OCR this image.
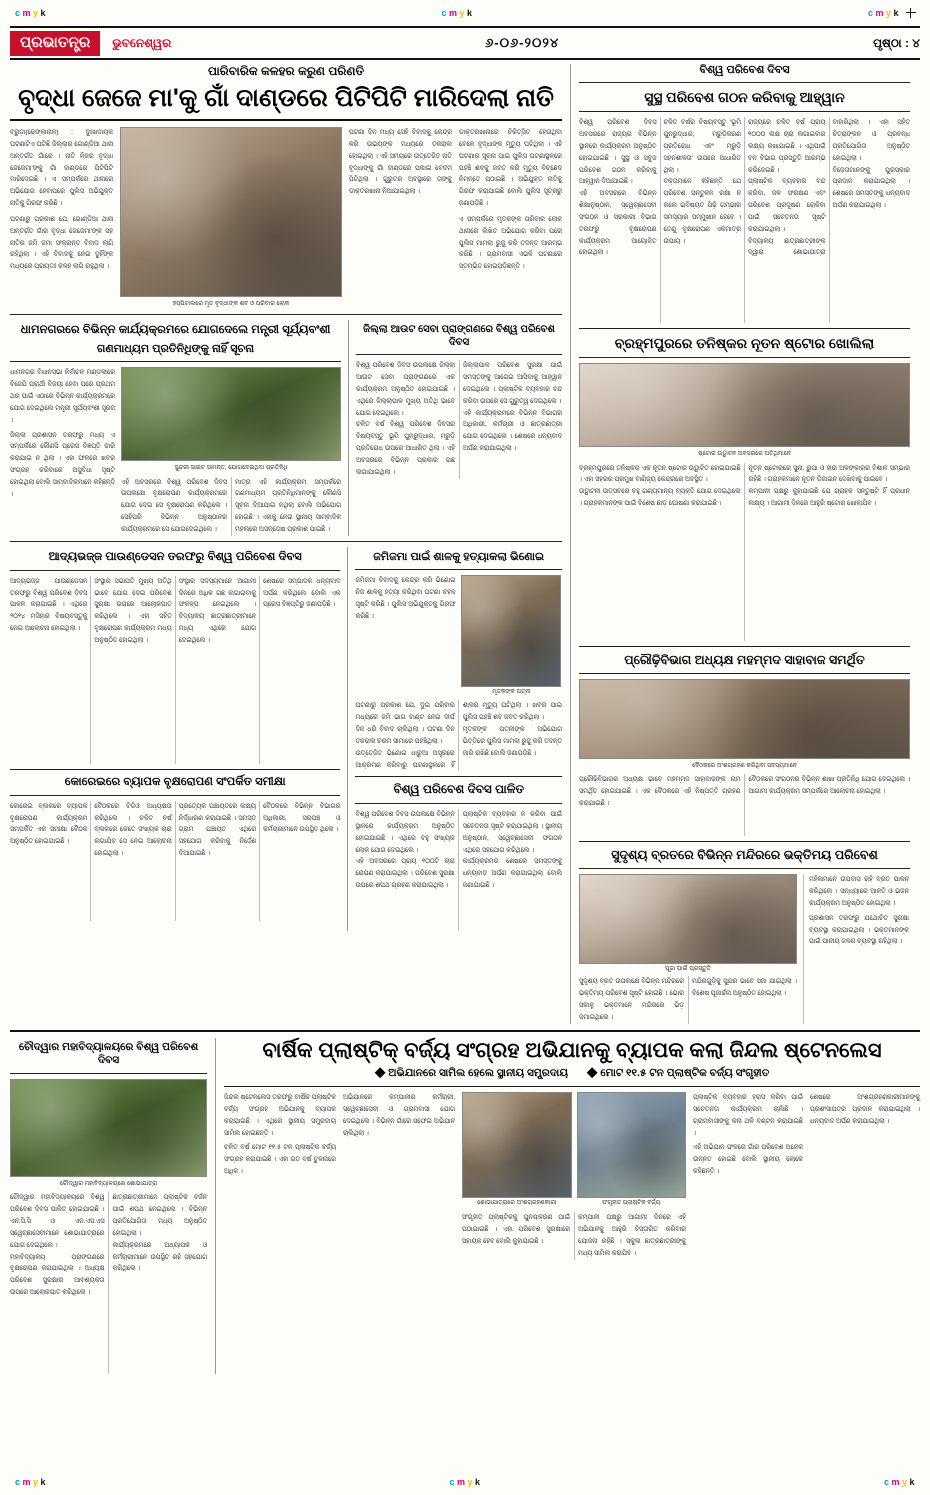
c m y k	c m y k	c m y k
ପ୍ରଭାତନ୍ତ୍ର	ଭୁବନେଶ୍ୱର	୬-୦୬-୨୦୨୪	ପୃଷ୍ଠା : ୪
ପାରିବାରିକ କଳହର କରୁଣ ପରିଣତି
ବୃଦ୍ଧା ଜେଜେ ମା'କୁ ଗାଁ ଦାଣ୍ଡରେ ପିଟିପିଟି ମାରିଦେଲା ନାତି
ବରୁଡ଼ା(ଢେଙ୍କାନାଳ) : ଦୁଃଖଦାୟକ ଘଟଣାଟିଏ ଘଟିଛି ଜିଲ୍ଲାର ଗୋଣ୍ଡିଆ ଥାନା ଅନ୍ତର୍ଗତ ଗାଁରେ । ନାତି ନିଜର ବୃଦ୍ଧା ଜେଜେମା'ଙ୍କୁ ଗାଁ ଦାଣ୍ଡରେ ପିଟିପିଟି ମାରିଦେଇଛି । ଏ ସମ୍ପର୍କରେ ଥାନାରେ ଅଭିଯୋଗ ହେବାପରେ ପୁଲିସ ଅଭିଯୁକ୍ତ ନାତିକୁ ଗିରଫ କରିଛି ।
ଘଟଣାରୁ ପ୍ରକାଶ ଯେ, ଗୋଣ୍ଡିଆ ଥାନା ଅନ୍ତର୍ଗତ ଗାଁର ବୃଦ୍ଧା ଜେଜେମା'ଙ୍କ ସହ ନାତିର ଜମି ଜମା ସଂକ୍ରାନ୍ତ ବିବାଦ ଲାଗି ରହିଥିଲା । ଏହି ବିବାଦକୁ ନେଇ ଦୁହିଁଙ୍କ ମଧ୍ୟରେ ପ୍ରାୟତଃ କଳହ ଲାଗି ରହୁଥିଲା ।
ହସ୍ପିଟାଲରେ ମୃତ ବୃଦ୍ଧାଙ୍କ ଶବ ଓ ପରିବାର ଲୋକ
ଘଟଣା ଦିନ ମଧ୍ୟ ସେହି ବିବାଦକୁ କେନ୍ଦ୍ର କରି ଉଭୟଙ୍କ ମଧ୍ୟରେ ତକରାଲ ହୋଇଥିଲା । ଏହି ସମୟରେ ଉତ୍ତେଜିତ ନାତି ବୃଦ୍ଧାଙ୍କୁ ଗାଁ ଦାଣ୍ଡରେ ପକାଇ ବେଦମ ପିଟିଥିଲା । ଗୁରୁତର ଅବସ୍ଥାରେ ତାଙ୍କୁ ଡାକ୍ତରଖାନା ନିଆଯାଇଥିଲା ।
ଡାକ୍ତରଖାନାରେ ଚିକିତ୍ସିତ ହେଉଥିବା ବେଳେ ବୃଦ୍ଧାଙ୍କ ମୃତ୍ୟୁ ଘଟିଥିଲା । ଏହି ଘଟଣାର ସୂଚନା ପାଇ ପୁଲିସ ଘଟଣାସ୍ଥଳରେ ପହଞ୍ଚି ଶବକୁ ଜବତ କରି ମୃତ୍ୟୁ ବିଚ୍ଛେଦ ନିମନ୍ତେ ପଠାଇଛି । ଅଭିଯୁକ୍ତ ନାତିକୁ ଗିରଫ କରାଯାଇଛି ବୋଲି ପୁଲିସ ସୂତ୍ରରୁ ଜଣାପଡ଼ିଛି ।
ଏ ସମ୍ପର୍କରେ ମୃତକଙ୍କ ପରିବାର ଲୋକ ଥାନାରେ ଲିଖିତ ଅଭିଯୋଗ କରିବା ପରେ ପୁଲିସ ମାମଲା ରୁଜୁ କରି ତଦନ୍ତ ଆରମ୍ଭ କରିଛି । ଗ୍ରାମବାସୀ ଏଭଳି ଘଟଣାରେ ସ୍ତମ୍ଭିତ ହୋଇପଡ଼ିଛନ୍ତି ।
ଧାମନଗରରେ ବିଭିନ୍ନ କାର୍ଯ୍ୟକ୍ରମରେ ଯୋଗଦେଲେ ମନ୍ତ୍ରୀ ସୂର୍ଯ୍ୟବଂଶୀ
ଗଣମାଧ୍ୟମ ପ୍ରତିନିଧିଙ୍କୁ ନାହିଁ ସୂଚନା
ଧାମନଗର ବିଧାନସଭା ନିର୍ବାଚନ ମଣ୍ଡଳୀରେ ବିଜେପି ପ୍ରାର୍ଥୀ ବିଜୟୀ ହେବା ପରେ ପ୍ରଥମ ଥର ପାଇଁ ଏଠାରେ ବିଭିନ୍ନ କାର୍ଯ୍ୟକ୍ରମରେ ଯୋଗ ଦେଇଥିଲେ ମନ୍ତ୍ରୀ ସୂର୍ଯ୍ୟବଂଶୀ ସୂରଜ ।
ଜିଲ୍ଲା ପ୍ରଶାସନ ତରଫରୁ ମଧ୍ୟ ଏ ସମ୍ପର୍କରେ କୌଣସି ପ୍ରେସ ବିଜ୍ଞପ୍ତି ଜାରି କରାଯାଇ ନ ଥିଲା । ଏହା ଫଳରେ ଖବର ସଂଗ୍ରହ କରିବାରେ ଅସୁବିଧା ସୃଷ୍ଟି ହୋଇଥିଲା ବୋଲି ସାମ୍ବାଦିକମାନେ କହିଛନ୍ତି ।
ସୁନ୍ଦରୀ ସାଇଟ ସାମନ୍ତ, ଯୋଗଦେଇଥିବା ପ୍ରତିନିଧି
ଏହି ଅବସରରେ ବିଶ୍ୱ ପରିବେଶ ଦିବସ ଉପଲକ୍ଷେ ବୃକ୍ଷରୋପଣ କାର୍ଯ୍ୟକ୍ରମରେ ଯୋଗ ଦେଇ ସେ ବୃକ୍ଷରୋପଣ କରିଥିଲେ । ସେହିପରି ବିଭିନ୍ନ ଅନୁଷ୍ଠାନର କାର୍ଯ୍ୟକ୍ରମରେ ସେ ଯୋଗଦେଇଥିଲେ ।
ମାତ୍ର ଏହି କାର୍ଯ୍ୟକ୍ରମ ସମ୍ପର୍କରେ ଗଣମାଧ୍ୟମ ପ୍ରତିନିଧିମାନଙ୍କୁ କୌଣସି ସୂଚନା ଦିଆଯାଇ ନଥିଲା ବୋଲି ଅଭିଯୋଗ ହୋଇଛି । ଏହାକୁ ନେଇ ସ୍ଥାନୀୟ ସାମ୍ବାଦିକ ମହଲରେ ଅସନ୍ତୋଷ ପ୍ରକାଶ ପାଇଛି ।
ଜିଲ୍ଲା ଆଉଟ ସେବା ପ୍ରାଙ୍ଗଣରେ ବିଶ୍ୱ ପରିବେଶ ଦିବସ
ବିଶ୍ୱ ପରିବେଶ ଦିବସ ଉପଲକ୍ଷେ ଜିଲ୍ଲା ଆଉଟ ସେବା ପ୍ରାଙ୍ଗଣରେ ଏକ କାର୍ଯ୍ୟକ୍ରମ ଅନୁଷ୍ଠିତ ହୋଇଯାଇଛି । ଏଥିରେ ଜିଲ୍ଲାପାଳ ମୁଖ୍ୟ ଅତିଥି ଭାବେ ଯୋଗ ଦେଇଥିଲେ ।
ଚଳିତ ବର୍ଷ ବିଶ୍ୱ ପରିବେଶ ଦିବସର ବିଷୟବସ୍ତୁ ଭୂମି ପୁନରୁଦ୍ଧାର, ମରୁଡ଼ି ପ୍ରତିରୋଧ ଉପରେ ଆଧାରିତ ଥିଲା । ଏହି ଅବସରରେ ବିଭିନ୍ନ ପ୍ରକାର ଗଛ ଲଗାଯାଇଥିଲା ।
ଜିଲ୍ଲାପାଳ ପରିବେଶ ସୁରକ୍ଷା ପାଇଁ ସମସ୍ତଙ୍କୁ ଆଗେଇ ଆସିବାକୁ ଆହ୍ୱାନ ଦେଇଥିଲେ । ପ୍ଲାଷ୍ଟିକ ବ୍ୟବହାର ବନ୍ଦ କରିବା ଉପରେ ସେ ଗୁରୁତ୍ୱ ଦେଇଥିଲେ ।
ଏହି କାର୍ଯ୍ୟକ୍ରମରେ ବିଭିନ୍ନ ବିଭାଗର ଅଧିକାରୀ, କର୍ମଚାରୀ ଓ ଛାତ୍ରଛାତ୍ରୀ ଯୋଗ ଦେଇଥିଲେ । ଶେଷରେ ଧନ୍ୟବାଦ ଅର୍ପଣ କରାଯାଇଥିଲା ।
ଆଦ୍ୟଭଜ୍ଜ ପାଉଣ୍ଡେସନ ତରଫରୁ ବିଶ୍ୱ ପରିବେଶ ଦିବସ
ଆଦ୍ୟଭଜ୍ଜ ପାଉଣ୍ଡେସନ ତରଫରୁ ବିଶ୍ୱ ପରିବେଶ ଦିବସ ପାଳନ କରାଯାଇଛି । ଏଥିରେ ୨୦୨୪ ମସିହାର ବିଷୟବସ୍ତୁକୁ ନେଇ ଆଲୋଚନା ହୋଇଥିଲା ।
ସଂସ୍ଥାର ସଭାପତି ମୁଖ୍ୟ ଅତିଥି ଭାବେ ଯୋଗ ଦେଇ ପରିବେଶ ସୁରକ୍ଷା ଉପରେ ଆଲୋକପାତ କରିଥିଲେ । ଏହା ସହିତ ବୃକ୍ଷରୋପଣ କାର୍ଯ୍ୟକ୍ରମ ମଧ୍ୟ ଅନୁଷ୍ଠିତ ହୋଇଥିଲା ।
ସଂସ୍ଥାର ସଦସ୍ୟମାନେ ଆଗାମୀ ଦିନରେ ଅଧିକ ଗଛ ଲଗାଇବାକୁ ସଂକଳ୍ପ ନେଇଥିଲେ । ବିଦ୍ୟାଳୟ ଛାତ୍ରଛାତ୍ରୀମାନେ ମଧ୍ୟ ଏଥିରେ ଯୋଗ ଦେଇଥିଲେ ।
ଶେଷରେ ସମ୍ପାଦକ ଧନ୍ୟବାଦ ଅର୍ପଣ କରିଥିଲେ ବୋଲି ଏକ ପ୍ରେସ ବିଜ୍ଞପ୍ତିରୁ ଜଣାପଡ଼ିଛି ।
କୋରେଇରେ ବ୍ୟାପକ ବୃକ୍ଷରୋପଣ ସଂପର୍କିତ ସମୀକ୍ଷା
କୋରେଇ ବ୍ଲକରେ ବ୍ୟାପକ ବୃକ୍ଷରୋପଣ କାର୍ଯ୍ୟକ୍ରମ ସମ୍ପର୍କିତ ଏକ ସମୀକ୍ଷା ବୈଠକ ଅନୁଷ୍ଠିତ ହୋଇଯାଇଛି ।
ବୈଠକରେ ବିଡିଓ ଅଧ୍ୟକ୍ଷତା କରିଥିଲେ । ଚଳିତ ବର୍ଷ ବ୍ଲକରେ କେତେ ସଂଖ୍ୟକ ଚାରା ଲଗାଯିବ ସେ ନେଇ ଆଲୋଚନା ହୋଇଥିଲା ।
ପ୍ରତ୍ୟେକ ପଞ୍ଚାୟତରେ ଲକ୍ଷ୍ୟ ନିର୍ଦ୍ଧାରଣ କରାଯାଇଛି । ସମସ୍ତ ଗ୍ରାମ ପଞ୍ଚାୟତ ଏଥିରେ ସହଯୋଗ କରିବାକୁ ନିର୍ଦ୍ଦେଶ ଦିଆଯାଇଛି ।
ବୈଠକରେ ବିଭିନ୍ନ ବିଭାଗର ଅଧିକାରୀ, ସରପଞ୍ଚ ଓ କର୍ମଚାରୀମାନେ ଉପସ୍ଥିତ ଥିଲେ ।
ଜମିଜମା ପାଇଁ ଶାଳକୁ ହତ୍ୟାକଲା ଭିଣୋଇ
ଜମିଜମା ବିବାଦକୁ କେନ୍ଦ୍ର କରି ଭିଣୋଇ ନିଜ ଶାଳକୁ ହତ୍ୟା କରିଥିବା ଘଟଣା ଚହଳ ସୃଷ୍ଟି କରିଛି । ପୁଲିସ ଅଭିଯୁକ୍ତକୁ ଗିରଫ କରିଛି ।
ମୃତକଙ୍କ ପତ୍ନୀ
ଘଟଣାରୁ ପ୍ରକାଶ ଯେ, ଦୁଇ ପରିବାର ମଧ୍ୟରେ ଜମି ଭାଗ ବାଣ୍ଟ ନେଇ ଦୀର୍ଘ ଦିନ ଧରି ବିବାଦ ଚାଲିଥିଲା । ଘଟଣା ଦିନ ତକରାଲ ଚରମ ସୀମାରେ ପହଞ୍ଚିଥିଲା ।
ଉତ୍ତେଜିତ ଭିଣୋଇ ଧାରୁଆ ଅସ୍ତ୍ରରେ ଆକ୍ରମଣ କରିବାରୁ ଘଟଣାସ୍ଥଳରେ ହିଁ ଶାଳର ମୃତ୍ୟୁ ଘଟିଥିଲା । ଖବର ପାଇ ପୁଲିସ ପହଞ୍ଚି ଶବ ଜବତ କରିଥିଲା ।
ମୃତକଙ୍କ ପତ୍ନୀଙ୍କ ଅଭିଯୋଗ ଭିତ୍ତିରେ ପୁଲିସ ମାମଲା ରୁଜୁ କରି ତଦନ୍ତ ଜାରି ରଖିଛି ବୋଲି ଜଣାପଡ଼ିଛି ।
ବିଶ୍ୱ ପରିବେଶ ଦିବସ ପାଳିତ
ବିଶ୍ୱ ପରିବେଶ ଦିବସ ଉପଲକ୍ଷେ ବିଭିନ୍ନ ସ୍ଥାନରେ କାର୍ଯ୍ୟକ୍ରମ ଅନୁଷ୍ଠିତ ହୋଇଯାଇଛି । ଏଥିରେ ବହୁ ସଂଖ୍ୟକ ଲୋକ ଯୋଗ ଦେଇଥିଲେ ।
ଏହି ଅବସରରେ ପ୍ରାୟ ୧୦୦ଟି ଚାରା ରୋପଣ କରାଯାଇଥିଲା । ପରିବେଶ ସୁରକ୍ଷା ଉପରେ ଶପଥ ଗ୍ରହଣ କରାଯାଇଥିଲା ।
ପ୍ଲାଷ୍ଟିକ ବ୍ୟବହାର ନ କରିବା ପାଇଁ ସଚେତନତା ସୃଷ୍ଟି କରାଯାଇଥିଲା । ସ୍ଥାନୀୟ ଅନୁଷ୍ଠାନ, ସ୍ୱେଚ୍ଛାସେବୀ ସଂଗଠନ ଏଥିରେ ସହଯୋଗ କରିଥିଲେ ।
କାର୍ଯ୍ୟକ୍ରମର ଶେଷରେ ସମସ୍ତଙ୍କୁ ଧନ୍ୟବାଦ ଅର୍ପଣ କରାଯାଇଥିଲା ବୋଲି ଜଣାଯାଇଛି ।
ବିଶ୍ୱ ପରିବେଶ ଦିବସ
ସୁସ୍ଥ ପରିବେଶ ଗଠନ କରିବାକୁ ଆହ୍ୱାନ
ବିଶ୍ୱ ପରିବେଶ ଦିବସ ଅବସରରେ ରାଜ୍ୟର ବିଭିନ୍ନ ସ୍ଥାନରେ କାର୍ଯ୍ୟକ୍ରମ ଅନୁଷ୍ଠିତ ହୋଇଯାଇଛି । ସୁସ୍ଥ ଓ ସବୁଜ ପରିବେଶ ଗଠନ କରିବାକୁ ଆହ୍ୱାନ ଦିଆଯାଇଛି ।
ଏହି ଅବସରରେ ବିଭିନ୍ନ ଶିକ୍ଷାନୁଷ୍ଠାନ, ସ୍ୱେଚ୍ଛାସେବୀ ସଂଗଠନ ଓ ସରକାରୀ ବିଭାଗ ତରଫରୁ ବୃକ୍ଷରୋପଣ କାର୍ଯ୍ୟକ୍ରମ ଆୟୋଜିତ ହୋଇଥିଲା ।
ଚଳିତ ବର୍ଷର ବିଷୟବସ୍ତୁ 'ଭୂମି ପୁନରୁଦ୍ଧାର, ମରୁଡ଼ିକରଣ ପ୍ରତିରୋଧ ଏବଂ ମରୁଡ଼ି ସହନଶୀଳତା' ଉପରେ ଆଧାରିତ ଥିଲା ।
ବକ୍ତାମାନେ କହିଛନ୍ତି ଯେ ପରିବେଶ ସନ୍ତୁଳନ ରକ୍ଷା ନ କଲେ ଭବିଷ୍ୟତ ପିଢ଼ି ଗମ୍ଭୀର ସମସ୍ୟାର ସମ୍ମୁଖୀନ ହେବେ । ତେଣୁ ବୃକ୍ଷରୋପଣ ଏକମାତ୍ର ଉପାୟ ।
ରାଜ୍ୟରେ ଚଳିତ ବର୍ଷ ପ୍ରାୟ ୧୦୦୦ ଲକ୍ଷ ଚାରା ଲଗାଇବାର ଲକ୍ଷ୍ୟ ରଖାଯାଇଛି । ଏଥିପାଇଁ ବନ ବିଭାଗ ପ୍ରସ୍ତୁତି ଆରମ୍ଭ କରିଦେଇଛି ।
ପ୍ଲାଷ୍ଟିକ ବ୍ୟବହାର ବନ୍ଦ କରିବା, ଜଳ ସଂରକ୍ଷଣ ଏବଂ ପରିବେଶ ପ୍ରଦୂଷଣ ରୋକିବା ପାଇଁ ସଚେତନତା ସୃଷ୍ଟି କରାଯାଇଥିଲା ।
ବିଦ୍ୟାଳୟ ଛାତ୍ରଛାତ୍ରୀଙ୍କ ଦ୍ୱାରା ଶୋଭାଯାତ୍ରା ବାହାରିଥିଲା । ଏହା ସହିତ ଚିତ୍ରାଙ୍କନ ଓ ପ୍ରବନ୍ଧ ପ୍ରତିଯୋଗିତା ଅନୁଷ୍ଠିତ ହୋଇଥିଲା ।
ବିଜେତାମାନଙ୍କୁ ପୁରସ୍କାର ପ୍ରଦାନ କରାଯାଇଥିଲା । ଶେଷରେ ସମସ୍ତଙ୍କୁ ଧନ୍ୟବାଦ ଅର୍ପଣ କରାଯାଇଥିଲା ।
ବ୍ରହ୍ମପୁରରେ ତନିଷ୍କର ନୂତନ ଷ୍ଟୋର ଖୋଲିଲା
ଷ୍ଟୋର ଉଦ୍ଘାଟନ ଅବସରରେ ଅତିଥିମାନେ
ବ୍ରହ୍ମପୁରରେ ତନିଷ୍କର ଏକ ନୂତନ ଷ୍ଟୋର ଉଦ୍ଘାଟିତ ହୋଇଯାଇଛି । ଏହା ସହରର ପ୍ରମୁଖ ବାଣିଜ୍ୟ କେନ୍ଦ୍ରରେ ଅବସ୍ଥିତ ।
ଉଦ୍ଘାଟନୀ ଉତ୍ସବରେ ବହୁ ଗଣ୍ୟମାନ୍ୟ ବ୍ୟକ୍ତି ଯୋଗ ଦେଇଥିଲେ । ଗ୍ରାହକମାନଙ୍କ ପାଇଁ ବିଶେଷ ଛାଡ଼ ଘୋଷଣା କରାଯାଇଛି ।
ନୂତନ ଷ୍ଟୋରରେ ସୁନା, ରୁପା ଓ ହୀରା ଅଳଙ୍କାରର ବିଶାଳ ସମ୍ଭାର ରହିଛି । ଗ୍ରାହକମାନେ ନୂତନ ଡିଜାଇନ ଦେଖିବାକୁ ପାଇବେ ।
କମ୍ପାନୀ ପକ୍ଷରୁ କୁହାଯାଇଛି ଯେ ଗ୍ରାହକ ସନ୍ତୁଷ୍ଟି ହିଁ ପ୍ରଧାନ ଲକ୍ଷ୍ୟ । ଆଗାମୀ ଦିନରେ ଆହୁରି ଷ୍ଟୋର ଖୋଲାଯିବ ।
ପ୍ରୌଢ଼ିବିଭାଗ ଅଧ୍ୟକ୍ଷ ମହମ୍ମଦ ସାହାବାଜ ସମର୍ଥିତ
ବୈଠକରେ ଅଂଶଗ୍ରହଣ କରିଥିବା ସଦସ୍ୟମାନେ
ପ୍ରୌଢ଼ିବିଭାଗର ଅଧ୍ୟକ୍ଷ ଭାବେ ମହମ୍ମଦ ସାହାବାଜଙ୍କ ନାମ ସମର୍ଥିତ ହୋଇଯାଇଛି । ଏକ ବୈଠକରେ ଏହି ନିଷ୍ପତ୍ତି ଗ୍ରହଣ କରାଯାଇଛି ।
ବୈଠକରେ ସଂଗଠନର ବିଭିନ୍ନ ଶାଖା ପ୍ରତିନିଧି ଯୋଗ ଦେଇଥିଲେ । ଆଗାମୀ କାର୍ଯ୍ୟକ୍ରମ ସମ୍ପର୍କରେ ଆଲୋଚନା ହୋଇଥିଲା ।
ସୁଦୃଶ୍ୟ ବ୍ରତରେ ବିଭିନ୍ନ ମନ୍ଦିରରେ ଭକ୍ତିମୟ ପରିବେଶ
ପୂଜା ପାଇଁ ପ୍ରସ୍ତୁତି
ସୁଦୃଶ୍ୟ ବ୍ରତ ଉପଲକ୍ଷେ ବିଭିନ୍ନ ମନ୍ଦିରରେ ଭକ୍ତିମୟ ପରିବେଶ ସୃଷ୍ଟି ହୋଇଛି । ଭୋର ସକାଳୁ ଭକ୍ତମାନେ ମନ୍ଦିରରେ ଭିଡ଼ ଜମାଇଥିଲେ ।
ମନ୍ଦିରଗୁଡ଼ିକୁ ସୁନ୍ଦର ଭାବେ ସଜା ଯାଇଥିଲା । ବିଶେଷ ପୂଜାର୍ଚ୍ଚନା ଅନୁଷ୍ଠିତ ହୋଇଥିଲା ।
ମହିଳାମାନେ ଉପବାସ ରହି ବ୍ରତ ପାଳନ କରିଥିଲେ । ସନ୍ଧ୍ୟାରେ ଆଳତି ଓ ଭଜନ କାର୍ଯ୍ୟକ୍ରମ ଅନୁଷ୍ଠିତ ହୋଇଥିଲା ।
ପ୍ରଶାସନ ତରଫରୁ ଯଥୋଚିତ ସୁରକ୍ଷା ବ୍ୟବସ୍ଥା କରାଯାଇଥିଲା । ଭକ୍ତମାନଙ୍କ ପାଇଁ ପାନୀୟ ଜଳର ବ୍ୟବସ୍ଥା ରହିଥିଲା ।
ଚୌଦ୍ୱାର ମହାବିଦ୍ୟାଳୟରେ ବିଶ୍ୱ ପରିବେଶ ଦିବସ
ଚୌଦ୍ୱାର ମହାବିଦ୍ୟାଳୟରେ ଶୋଭାଯାତ୍ରା
ଚୌଦ୍ୱାର ମହାବିଦ୍ୟାଳୟରେ ବିଶ୍ୱ ପରିବେଶ ଦିବସ ପାଳିତ ହୋଇଯାଇଛି । ଏନ.ସି.ସି ଓ ଏନ.ଏସ.ଏସ ସ୍ୱେଚ୍ଛାସେବୀମାନେ ଶୋଭାଯାତ୍ରାରେ ଯୋଗ ଦେଇଥିଲେ ।
ମହାବିଦ୍ୟାଳୟ ପ୍ରାଙ୍ଗଣରେ ବୃକ୍ଷରୋପଣ କରାଯାଇଥିଲା । ଅଧ୍ୟକ୍ଷ ପରିବେଶ ସୁରକ୍ଷାର ଆବଶ୍ୟକତା ଉପରେ ଆଲୋକପାତ କରିଥିଲେ ।
ଛାତ୍ରଛାତ୍ରୀମାନେ ପ୍ଲାଷ୍ଟିକ ବର୍ଜନ ପାଇଁ ଶପଥ ନେଇଥିଲେ । ବିଭିନ୍ନ ପ୍ରତିଯୋଗିତା ମଧ୍ୟ ଅନୁଷ୍ଠିତ ହୋଇଥିଲା ।
କାର୍ଯ୍ୟକ୍ରମରେ ଅଧ୍ୟାପକ ଓ କର୍ମଚାରୀମାନେ ଉପସ୍ଥିତ ରହି ସହଯୋଗ କରିଥିଲେ ।
ବାର୍ଷିକ ପ୍ଲାଷ୍ଟିକ୍ ବର୍ଜ୍ୟ ସଂଗ୍ରହ ଅଭିଯାନକୁ ବ୍ୟାପକ କଲା ଜିନ୍ଦଲ ଷ୍ଟେନଲେସ
◆ ଅଭିଯାନରେ ସାମିଲ ହେଲେ ସ୍ଥାନୀୟ ସମ୍ପ୍ରଦାୟ ◆ ମୋଟ ୧୧.୫ ଟନ ପ୍ଲାଷ୍ଟିକ ବର୍ଜ୍ୟ ସଂଗୃହୀତ
ଜିନ୍ଦଲ ଷ୍ଟେନଲେସ ତରଫରୁ ବାର୍ଷିକ ପ୍ଲାଷ୍ଟିକ ବର୍ଜ୍ୟ ସଂଗ୍ରହ ଅଭିଯାନକୁ ବ୍ୟାପକ କରାଯାଇଛି । ଏଥିରେ ସ୍ଥାନୀୟ ସମ୍ପ୍ରଦାୟ ସାମିଲ ହୋଇଛନ୍ତି ।
ଚଳିତ ବର୍ଷ ମୋଟ ୧୧.୫ ଟନ ପ୍ଲାଷ୍ଟିକ ବର୍ଜ୍ୟ ସଂଗ୍ରହ କରାଯାଇଛି । ଏହା ଗତ ବର୍ଷ ତୁଳନାରେ ଅଧିକ ।
ଅଭିଯାନରେ କମ୍ପାନୀର କର୍ମଚାରୀ, ସ୍ୱେଚ୍ଛାସେବୀ ଓ ଗ୍ରାମବାସୀ ଯୋଗ ଦେଇଥିଲେ । ବିଭିନ୍ନ ଗାଁରେ ସଫେଇ ଅଭିଯାନ ଚାଲିଥିଲା ।
ଶୋଭାଯାତ୍ରାରେ ଅଂଶଗ୍ରହଣକାରୀ	ସଂଗୃହୀତ ପ୍ଲାଷ୍ଟିକ ବର୍ଜ୍ୟ
ସଂଗୃହୀତ ପ୍ଲାଷ୍ଟିକକୁ ପୁନଶ୍ଚକ୍ରଣ ପାଇଁ ପଠାଯାଇଛି । ଏହା ପରିବେଶ ସୁରକ୍ଷାରେ ସହାୟକ ହେବ ବୋଲି କୁହାଯାଇଛି ।
କମ୍ପାନୀ ପକ୍ଷରୁ ଆଗାମୀ ଦିନରେ ଏହି ଅଭିଯାନକୁ ଆହୁରି ବିସ୍ତାରିତ କରିବାର ଯୋଜନା ରହିଛି । ସ୍କୁଲ ଛାତ୍ରଛାତ୍ରୀଙ୍କୁ ମଧ୍ୟ ସାମିଲ କରାଯିବ ।
ପ୍ଲାଷ୍ଟିକ ବ୍ୟବହାର ହ୍ରାସ କରିବା ପାଇଁ ସଚେତନତା କାର୍ଯ୍ୟକ୍ରମ ଚାଲିଛି । ଗ୍ରାମବାସୀଙ୍କୁ କନା ଥଳି ବଣ୍ଟନ କରାଯାଇଛି ।
ଏହି ଅଭିଯାନ ଫଳରେ ଗାଁର ପରିବେଶ ଅନେକ ଉନ୍ନତ ହୋଇଛି ବୋଲି ସ୍ଥାନୀୟ ଲୋକେ କହିଛନ୍ତି ।
ଶେଷରେ ଅଂଶଗ୍ରହଣକାରୀମାନଙ୍କୁ ପ୍ରଶଂସାପତ୍ର ପ୍ରଦାନ କରାଯାଇଥିଲା । ଧନ୍ୟବାଦ ଅର୍ପଣ କରାଯାଇଥିଲା ।
c m y k	c m y k	c m y k
